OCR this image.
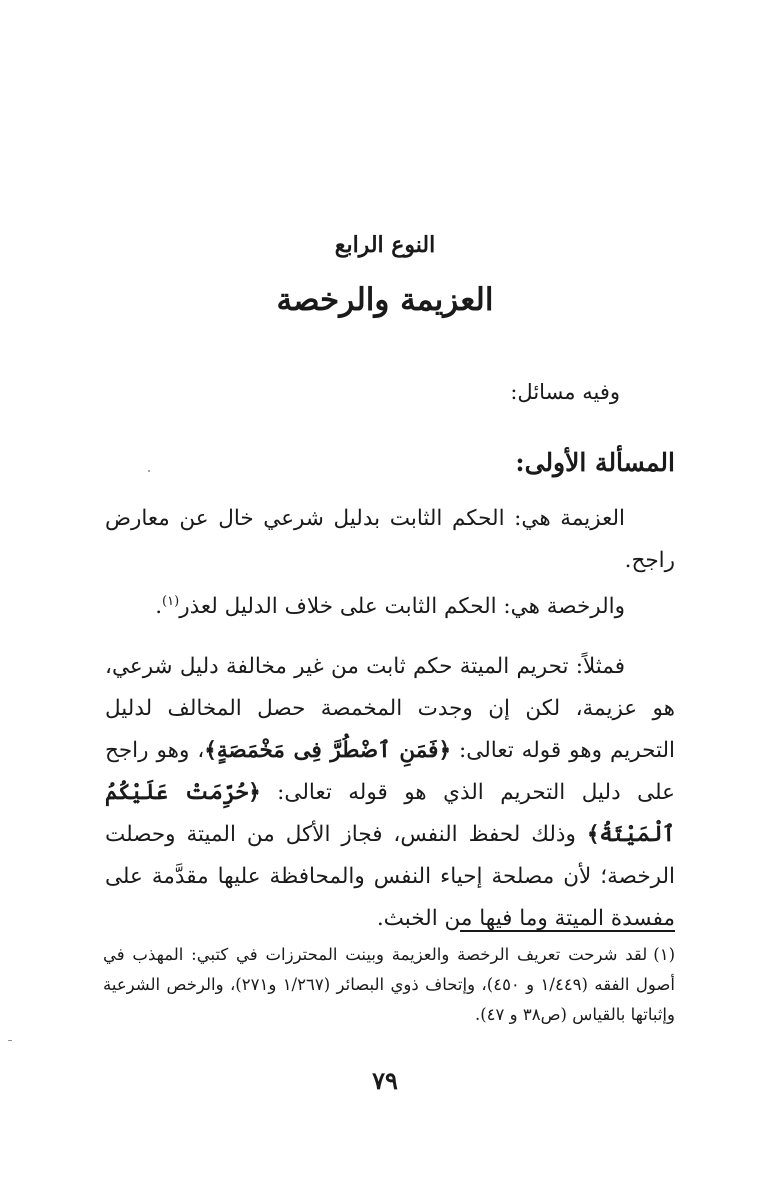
النوع الرابع
العزيمة والرخصة
وفيه مسائل:
المسألة الأولى:

العزيمة هي: الحكم الثابت بدليل شرعي خال عن معارض راجح.

والرخصة هي: الحكم الثابت على خلاف الدليل لعذر$^{(١)}$.

فمثلاً: تحريم الميتة حكم ثابت من غير مخالفة دليل شرعي، هو عزيمة، لكن إن وجدت المخمصة حصل المخالف لدليل التحريم وهو قوله تعالى: ﴿فَمَنِ ٱضْطُرَّ فِى مَخْمَصَةٍ﴾، وهو راجح على دليل التحريم الذي هو قوله تعالى: ﴿حُرِّمَتْ عَلَيْكُمُ ٱلْمَيْتَةُ﴾ وذلك لحفظ النفس، فجاز الأكل من الميتة وحصلت الرخصة؛ لأن مصلحة إحياء النفس والمحافظة عليها مقدَّمة على مفسدة الميتة وما فيها من الخبث.

(١)لقد شرحت تعريف الرخصة والعزيمة وبينت المحترزات في كتبي: المهذب في أصول الفقه (١/٤٤٩ و ٤٥٠)، وإتحاف ذوي البصائر (١/٢٦٧ و٢٧١)، والرخص الشرعية وإثباتها بالقياس (ص٣٨ و ٤٧).

٧٩
